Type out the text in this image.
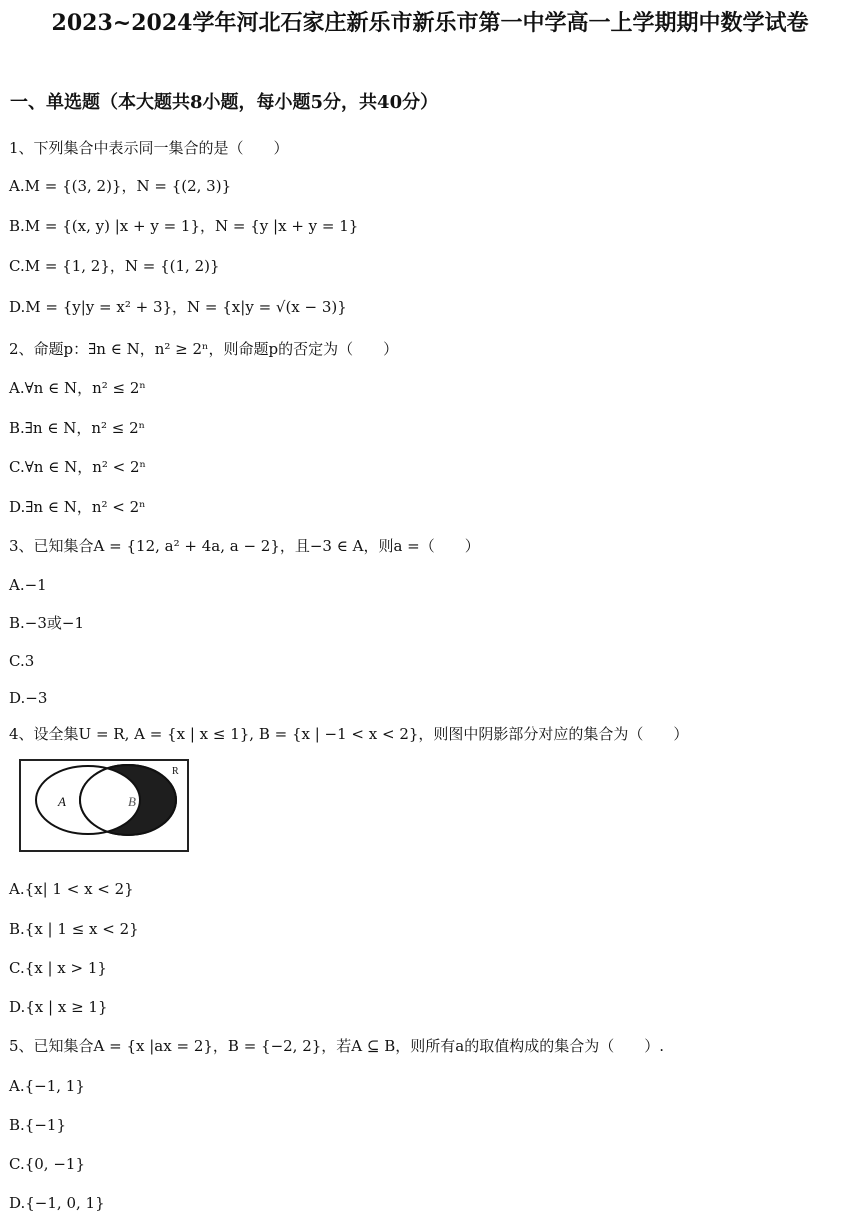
2023~2024学年河北石家庄新乐市新乐市第一中学高一上学期期中数学试卷
一、单选题（本大题共8小题，每小题5分，共40分）
1、下列集合中表示同一集合的是（　　）
A.M = {(3, 2)}，N = {(2, 3)}
B.M = {(x, y) |x + y = 1}，N = {y |x + y = 1}
C.M = {1, 2}，N = {(1, 2)}
D.M = {y|y = x² + 3}，N = {x|y = √(x − 3)}
2、命题p：∃n ∈ N，n² ≥ 2ⁿ，则命题p的否定为（　　）
A.∀n ∈ N，n² ≤ 2ⁿ
B.∃n ∈ N，n² ≤ 2ⁿ
C.∀n ∈ N，n² < 2ⁿ
D.∃n ∈ N，n² < 2ⁿ
3、已知集合A = {12, a² + 4a, a − 2}，且−3 ∈ A，则a =（　　）
A.−1
B.−3或−1
C.3
D.−3
4、设全集U = R, A = {x | x ≤ 1}, B = {x | −1 < x < 2}，则图中阴影部分对应的集合为（　　）
A	B
R
A.{x| 1 < x < 2}
B.{x | 1 ≤ x < 2}
C.{x | x > 1}
D.{x | x ≥ 1}
5、已知集合A = {x |ax = 2}，B = {−2, 2}，若A ⊆ B，则所有a的取值构成的集合为（　　）.
A.{−1, 1}
B.{−1}
C.{0, −1}
D.{−1, 0, 1}
